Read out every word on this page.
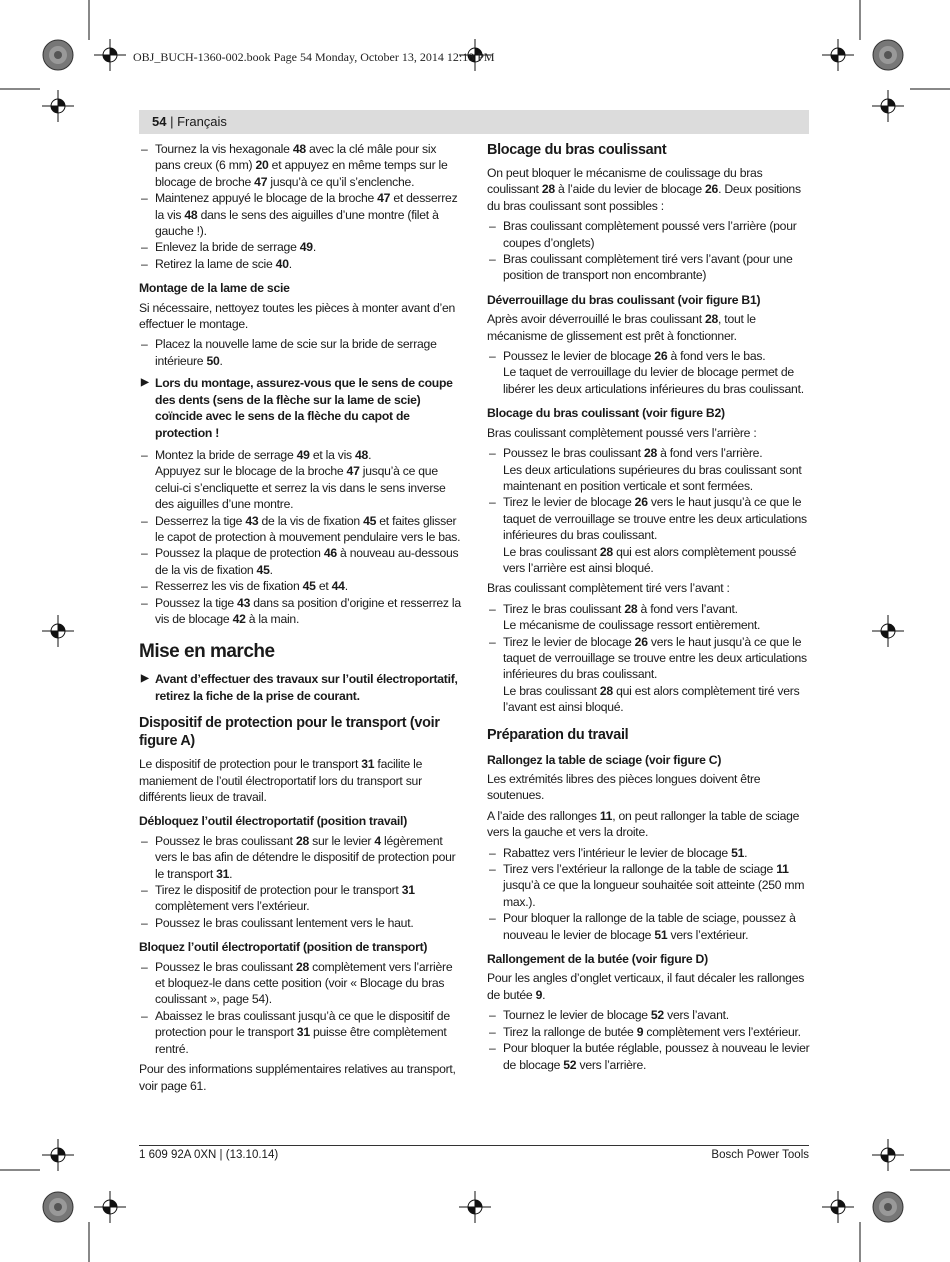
OBJ_BUCH-1360-002.book Page 54 Monday, October 13, 2014 12:18 PM
54 | Français
– Tournez la vis hexagonale 48 avec la clé mâle pour six pans creux (6 mm) 20 et appuyez en même temps sur le blocage de broche 47 jusqu’à ce qu’il s’enclenche.
– Maintenez appuyé le blocage de la broche 47 et desserrez la vis 48 dans le sens des aiguilles d’une montre (filet à gauche !).
– Enlevez la bride de serrage 49.
– Retirez la lame de scie 40.
Montage de la lame de scie

Si nécessaire, nettoyez toutes les pièces à monter avant d’en effectuer le montage.

– Placez la nouvelle lame de scie sur la bride de serrage intérieure 50.
▶ Lors du montage, assurez-vous que le sens de coupe des dents (sens de la flèche sur la lame de scie) coïncide avec le sens de la flèche du capot de protection !
– Montez la bride de serrage 49 et la vis 48.
Appuyez sur le blocage de la broche 47 jusqu’à ce que celui-ci s’encliquette et serrez la vis dans le sens inverse des aiguilles d’une montre.
– Desserrez la tige 43 de la vis de fixation 45 et faites glisser le capot de protection à mouvement pendulaire vers le bas.
– Poussez la plaque de protection 46 à nouveau au-dessous de la vis de fixation 45.
– Resserrez les vis de fixation 45 et 44.
– Poussez la tige 43 dans sa position d’origine et resserrez la vis de blocage 42 à la main.
Mise en marche
▶ Avant d’effectuer des travaux sur l’outil électroportatif, retirez la fiche de la prise de courant.
Dispositif de protection pour le transport (voir figure A)

Le dispositif de protection pour le transport 31 facilite le maniement de l’outil électroportatif lors du transport sur différents lieux de travail.

Débloquez l’outil électroportatif (position travail)
– Poussez le bras coulissant 28 sur le levier 4 légèrement vers le bas afin de détendre le dispositif de protection pour le transport 31.
– Tirez le dispositif de protection pour le transport 31 complètement vers l’extérieur.
– Poussez le bras coulissant lentement vers le haut.
Bloquez l’outil électroportatif (position de transport)
– Poussez le bras coulissant 28 complètement vers l’arrière et bloquez-le dans cette position (voir « Blocage du bras coulissant », page 54).
– Abaissez le bras coulissant jusqu’à ce que le dispositif de protection pour le transport 31 puisse être complètement rentré.

Pour des informations supplémentaires relatives au transport, voir page 61.

Blocage du bras coulissant

On peut bloquer le mécanisme de coulissage du bras coulissant 28 à l’aide du levier de blocage 26. Deux positions du bras coulissant sont possibles :

– Bras coulissant complètement poussé vers l’arrière (pour coupes d’onglets)
– Bras coulissant complètement tiré vers l’avant (pour une position de transport non encombrante)
Déverrouillage du bras coulissant (voir figure B1)

Après avoir déverrouillé le bras coulissant 28, tout le mécanisme de glissement est prêt à fonctionner.

– Poussez le levier de blocage 26 à fond vers le bas.
Le taquet de verrouillage du levier de blocage permet de libérer les deux articulations inférieures du bras coulissant.
Blocage du bras coulissant (voir figure B2)

Bras coulissant complètement poussé vers l’arrière :

– Poussez le bras coulissant 28 à fond vers l’arrière.
Les deux articulations supérieures du bras coulissant sont maintenant en position verticale et sont fermées.
– Tirez le levier de blocage 26 vers le haut jusqu’à ce que le taquet de verrouillage se trouve entre les deux articulations inférieures du bras coulissant.
Le bras coulissant 28 qui est alors complètement poussé vers l’arrière est ainsi bloqué.

Bras coulissant complètement tiré vers l’avant :

– Tirez le bras coulissant 28 à fond vers l’avant.
Le mécanisme de coulissage ressort entièrement.
– Tirez le levier de blocage 26 vers le haut jusqu’à ce que le taquet de verrouillage se trouve entre les deux articulations inférieures du bras coulissant.
Le bras coulissant 28 qui est alors complètement tiré vers l’avant est ainsi bloqué.
Préparation du travail
Rallongez la table de sciage (voir figure C)

Les extrémités libres des pièces longues doivent être soutenues.

A l’aide des rallonges 11, on peut rallonger la table de sciage vers la gauche et vers la droite.

– Rabattez vers l’intérieur le levier de blocage 51.
– Tirez vers l’extérieur la rallonge de la table de sciage 11 jusqu’à ce que la longueur souhaitée soit atteinte (250 mm max.).
– Pour bloquer la rallonge de la table de sciage, poussez à nouveau le levier de blocage 51 vers l’extérieur.
Rallongement de la butée (voir figure D)

Pour les angles d’onglet verticaux, il faut décaler les rallonges de butée 9.

– Tournez le levier de blocage 52 vers l’avant.
– Tirez la rallonge de butée 9 complètement vers l’extérieur.
– Pour bloquer la butée réglable, poussez à nouveau le levier de blocage 52 vers l’arrière.
1 609 92A 0XN | (13.10.14)	Bosch Power Tools
